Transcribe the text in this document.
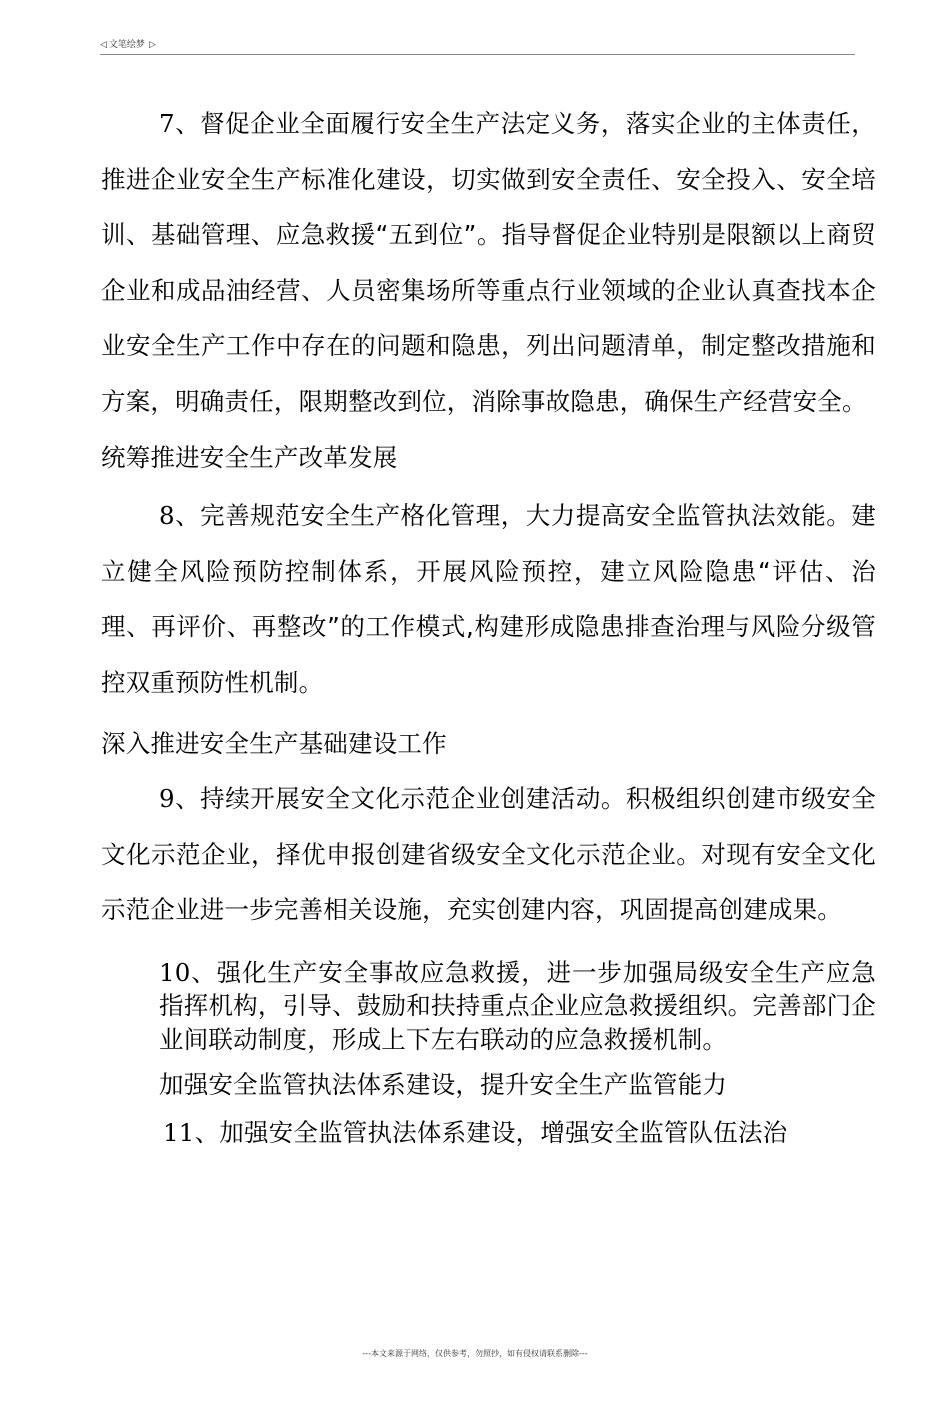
◁ 文笔绘梦 ▷

7、督促企业全面履行安全生产法定义务，落实企业的主体责任，推进企业安全生产标准化建设，切实做到安全责任、安全投入、安全培训、基础管理、应急救援“五到位”。指导督促企业特别是限额以上商贸企业和成品油经营、人员密集场所等重点行业领域的企业认真查找本企业安全生产工作中存在的问题和隐患，列出问题清单，制定整改措施和方案，明确责任，限期整改到位，消除事故隐患，确保生产经营安全。

统筹推进安全生产改革发展

8、完善规范安全生产格化管理，大力提高安全监管执法效能。建立健全风险预防控制体系，开展风险预控，建立风险隐患“评估、治理、再评价、再整改”的工作模式,构建形成隐患排查治理与风险分级管控双重预防性机制。

深入推进安全生产基础建设工作

9、持续开展安全文化示范企业创建活动。积极组织创建市级安全文化示范企业，择优申报创建省级安全文化示范企业。对现有安全文化示范企业进一步完善相关设施，充实创建内容，巩固提高创建成果。

10、强化生产安全事故应急救援，进一步加强局级安全生产应急指挥机构，引导、鼓励和扶持重点企业应急救援组织。完善部门企业间联动制度，形成上下左右联动的应急救援机制。

加强安全监管执法体系建设，提升安全生产监管能力

11、加强安全监管执法体系建设，增强安全监管队伍法治

---本文来源于网络，仅供参考，勿照抄，如有侵权请联系删除---
